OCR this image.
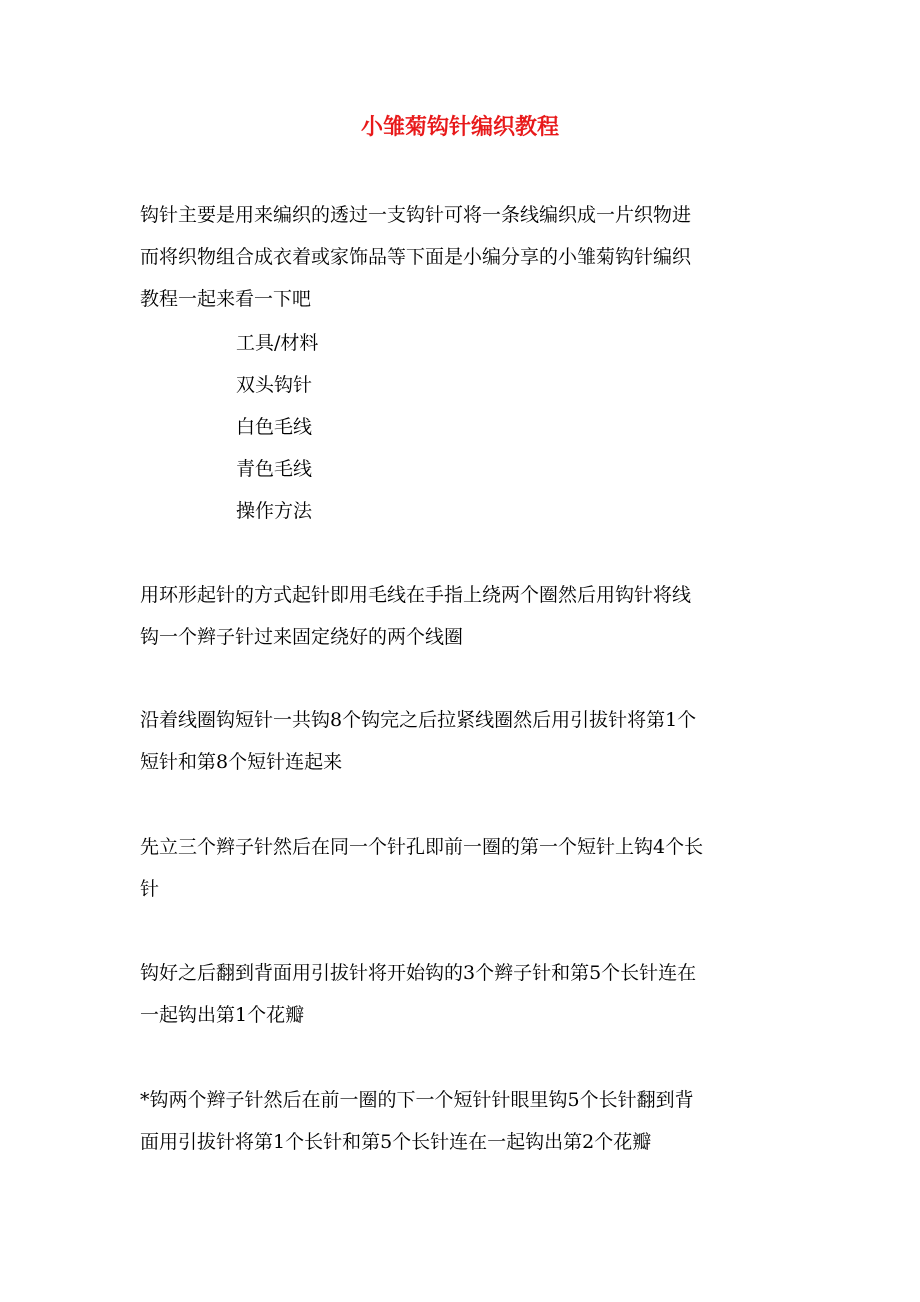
小雏菊钩针编织教程
钩针主要是用来编织的透过一支钩针可将一条线编织成一片织物进
而将织物组合成衣着或家饰品等下面是小编分享的小雏菊钩针编织
教程一起来看一下吧
工具/材料
双头钩针
白色毛线
青色毛线
操作方法
用环形起针的方式起针即用毛线在手指上绕两个圈然后用钩针将线
钩一个辫子针过来固定绕好的两个线圈
沿着线圈钩短针一共钩8个钩完之后拉紧线圈然后用引拔针将第1个
短针和第8个短针连起来
先立三个辫子针然后在同一个针孔即前一圈的第一个短针上钩4个长
针
钩好之后翻到背面用引拔针将开始钩的3个辫子针和第5个长针连在
一起钩出第1个花瓣
*钩两个辫子针然后在前一圈的下一个短针针眼里钩5个长针翻到背
面用引拔针将第1个长针和第5个长针连在一起钩出第2个花瓣
